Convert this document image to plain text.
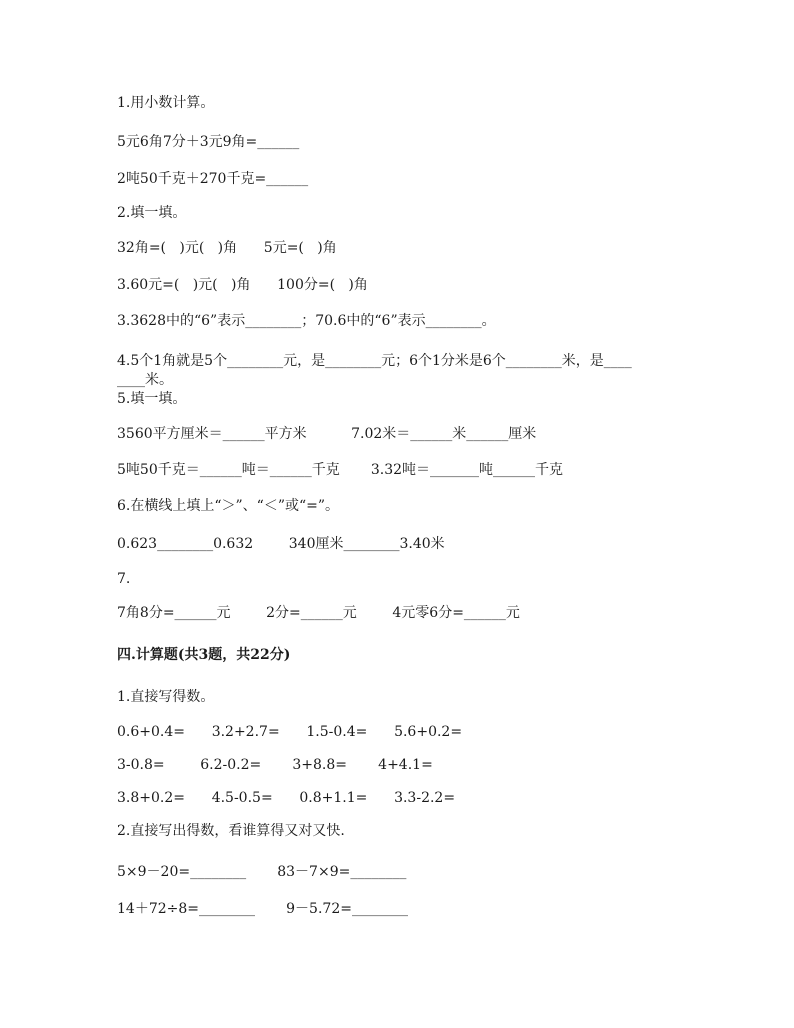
1.用小数计算。
5元6角7分＋3元9角=______
2吨50千克＋270千克=______
2.填一填。
32角=(   )元(   )角      5元=(   )角
3.60元=(   )元(   )角      100分=(   )角
3.3628中的“6”表示________；70.6中的“6”表示________。
4.5个1角就是5个________元，是________元；6个1分米是6个________米，是____
____米。
5.填一填。
3560平方厘米＝______平方米          7.02米＝______米______厘米
5吨50千克＝______吨＝______千克       3.32吨＝_______吨______千克
6.在横线上填上“＞”、“＜”或“=”。
0.623________0.632        340厘米________3.40米
7.
7角8分=______元        2分=______元        4元零6分=______元
四.计算题(共3题，共22分)
1.直接写得数。
0.6+0.4=      3.2+2.7=      1.5-0.4=      5.6+0.2=
3-0.8=        6.2-0.2=       3+8.8=       4+4.1=
3.8+0.2=      4.5-0.5=      0.8+1.1=      3.3-2.2=
2.直接写出得数，看谁算得又对又快.
5×9－20=________       83－7×9=________
14＋72÷8=________       9－5.72=________
